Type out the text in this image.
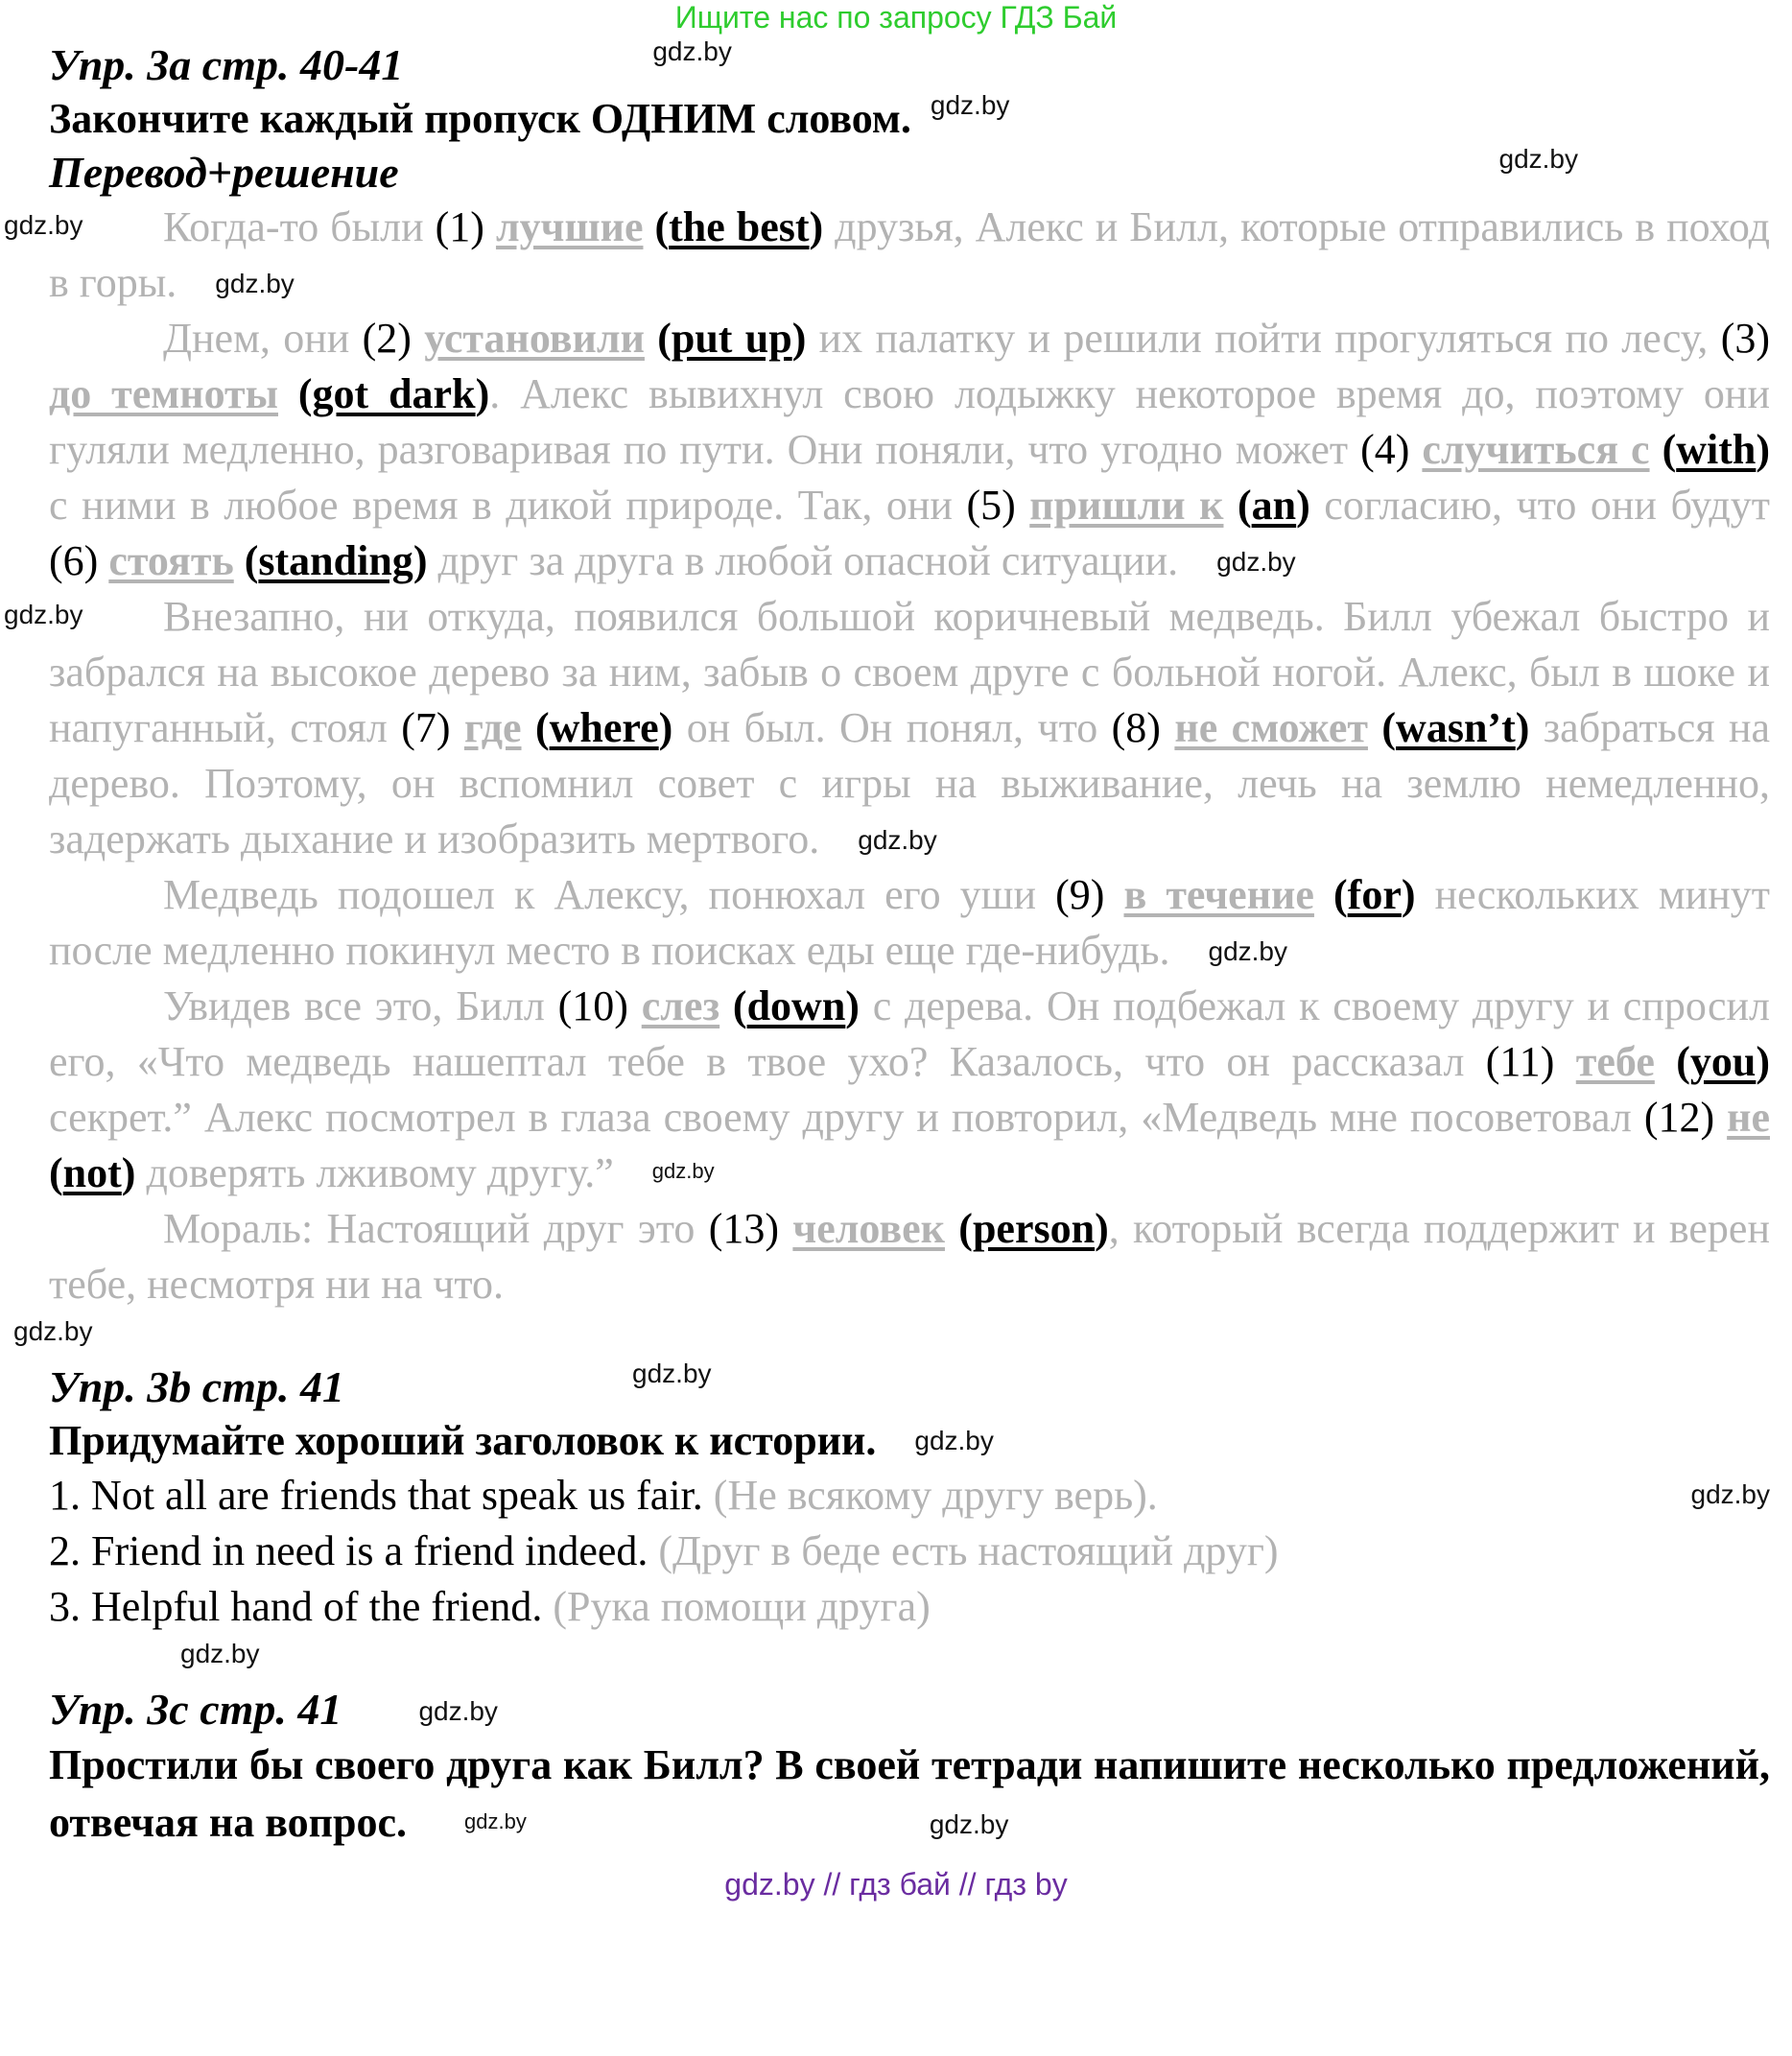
Ищите нас по запросу ГДЗ Бай
Упр. 3а стр. 40-41	gdz.by
Закончите каждый пропуск ОДНИМ словом. gdz.by
Перевод+решение	gdz.by

gdz.by Когда-то были (1) лучшие (the best) друзья, Алекс и Билл, которые отправились в поход в горы. gdz.by

Днем, они (2) установили (put up) их палатку и решили пойти прогуляться по лесу, (3) до темноты (got dark). Алекс вывихнул свою лодыжку некоторое время до, поэтому они гуляли медленно, разговаривая по пути. Они поняли, что угодно может (4) случиться с (with) с ними в любое время в дикой природе. Так, они (5) пришли к (an) согласию, что они будут (6) стоять (standing) друг за друга в любой опасной ситуации. gdz.by

gdz.by Внезапно, ни откуда, появился большой коричневый медведь. Билл убежал быстро и забрался на высокое дерево за ним, забыв о своем друге с больной ногой. Алекс, был в шоке и напуганный, стоял (7) где (where) он был. Он понял, что (8) не сможет (wasn’t) забраться на дерево. Поэтому, он вспомнил совет с игры на выживание, лечь на землю немедленно, задержать дыхание и изобразить мертвого. gdz.by

Медведь подошел к Алексу, понюхал его уши (9) в течение (for) нескольких минут после медленно покинул место в поисках еды еще где-нибудь. gdz.by

Увидев все это, Билл (10) слез (down) с дерева. Он подбежал к своему другу и спросил его, «Что медведь нашептал тебе в твое ухо? Казалось, что он рассказал (11) тебе (you) секрет.” Алекс посмотрел в глаза своему другу и повторил, «Медведь мне посоветовал (12) не (not) доверять лживому другу.” gdz.by

Мораль: Настоящий друг это (13) человек (person), который всегда поддержит и верен тебе, несмотря ни на что.

gdz.by
Упр. 3b стр. 41	gdz.by
Придумайте хороший заголовок к истории. gdz.by
1.
Not all are friends that speak us fair. (Не всякому другу верь).	gdz.by
2.
Friend in need is a friend indeed. (Друг в беде есть настоящий друг)
3.
Helpful hand of the friend. (Рука помощи друга)
gdz.by
Упр. 3c стр. 41	gdz.by
Простили бы своего друга как Билл? В своей тетради напишите несколько предложений, отвечая на вопрос.	gdz.by	gdz.by
gdz.by // гдз бай // гдз by
